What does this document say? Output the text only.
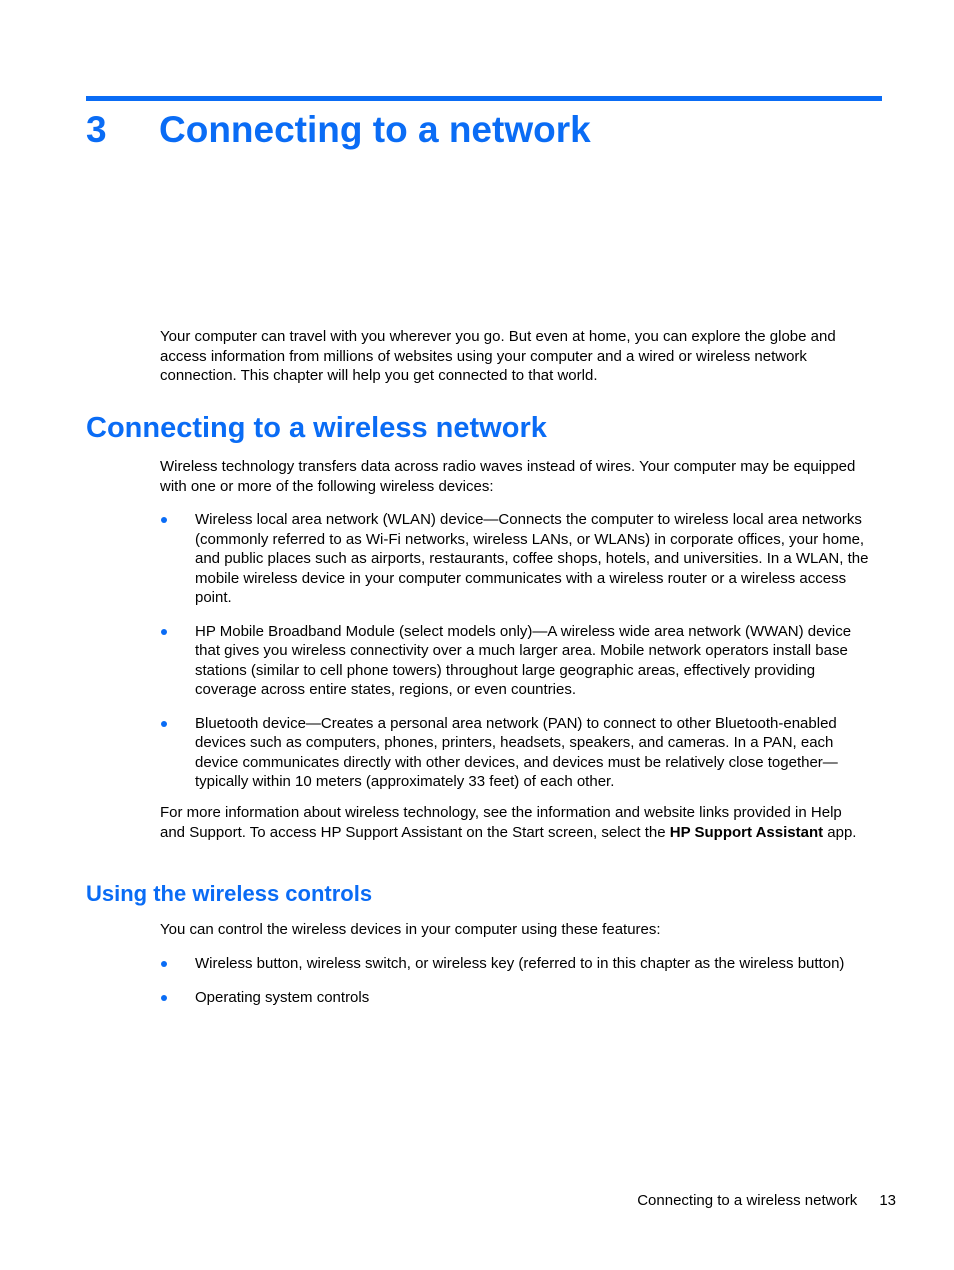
3 Connecting to a network

Your computer can travel with you wherever you go. But even at home, you can explore the globe and access information from millions of websites using your computer and a wired or wireless network connection. This chapter will help you get connected to that world.

Connecting to a wireless network

Wireless technology transfers data across radio waves instead of wires. Your computer may be equipped with one or more of the following wireless devices:

Wireless local area network (WLAN) device—Connects the computer to wireless local area networks (commonly referred to as Wi-Fi networks, wireless LANs, or WLANs) in corporate offices, your home, and public places such as airports, restaurants, coffee shops, hotels, and universities. In a WLAN, the mobile wireless device in your computer communicates with a wireless router or a wireless access point.
HP Mobile Broadband Module (select models only)—A wireless wide area network (WWAN) device that gives you wireless connectivity over a much larger area. Mobile network operators install base stations (similar to cell phone towers) throughout large geographic areas, effectively providing coverage across entire states, regions, or even countries.
Bluetooth device—Creates a personal area network (PAN) to connect to other Bluetooth-enabled devices such as computers, phones, printers, headsets, speakers, and cameras. In a PAN, each device communicates directly with other devices, and devices must be relatively close together—typically within 10 meters (approximately 33 feet) of each other.

For more information about wireless technology, see the information and website links provided in Help and Support. To access HP Support Assistant on the Start screen, select the HP Support Assistant app.

Using the wireless controls

You can control the wireless devices in your computer using these features:

Wireless button, wireless switch, or wireless key (referred to in this chapter as the wireless button)
Operating system controls
Connecting to a wireless network 13
